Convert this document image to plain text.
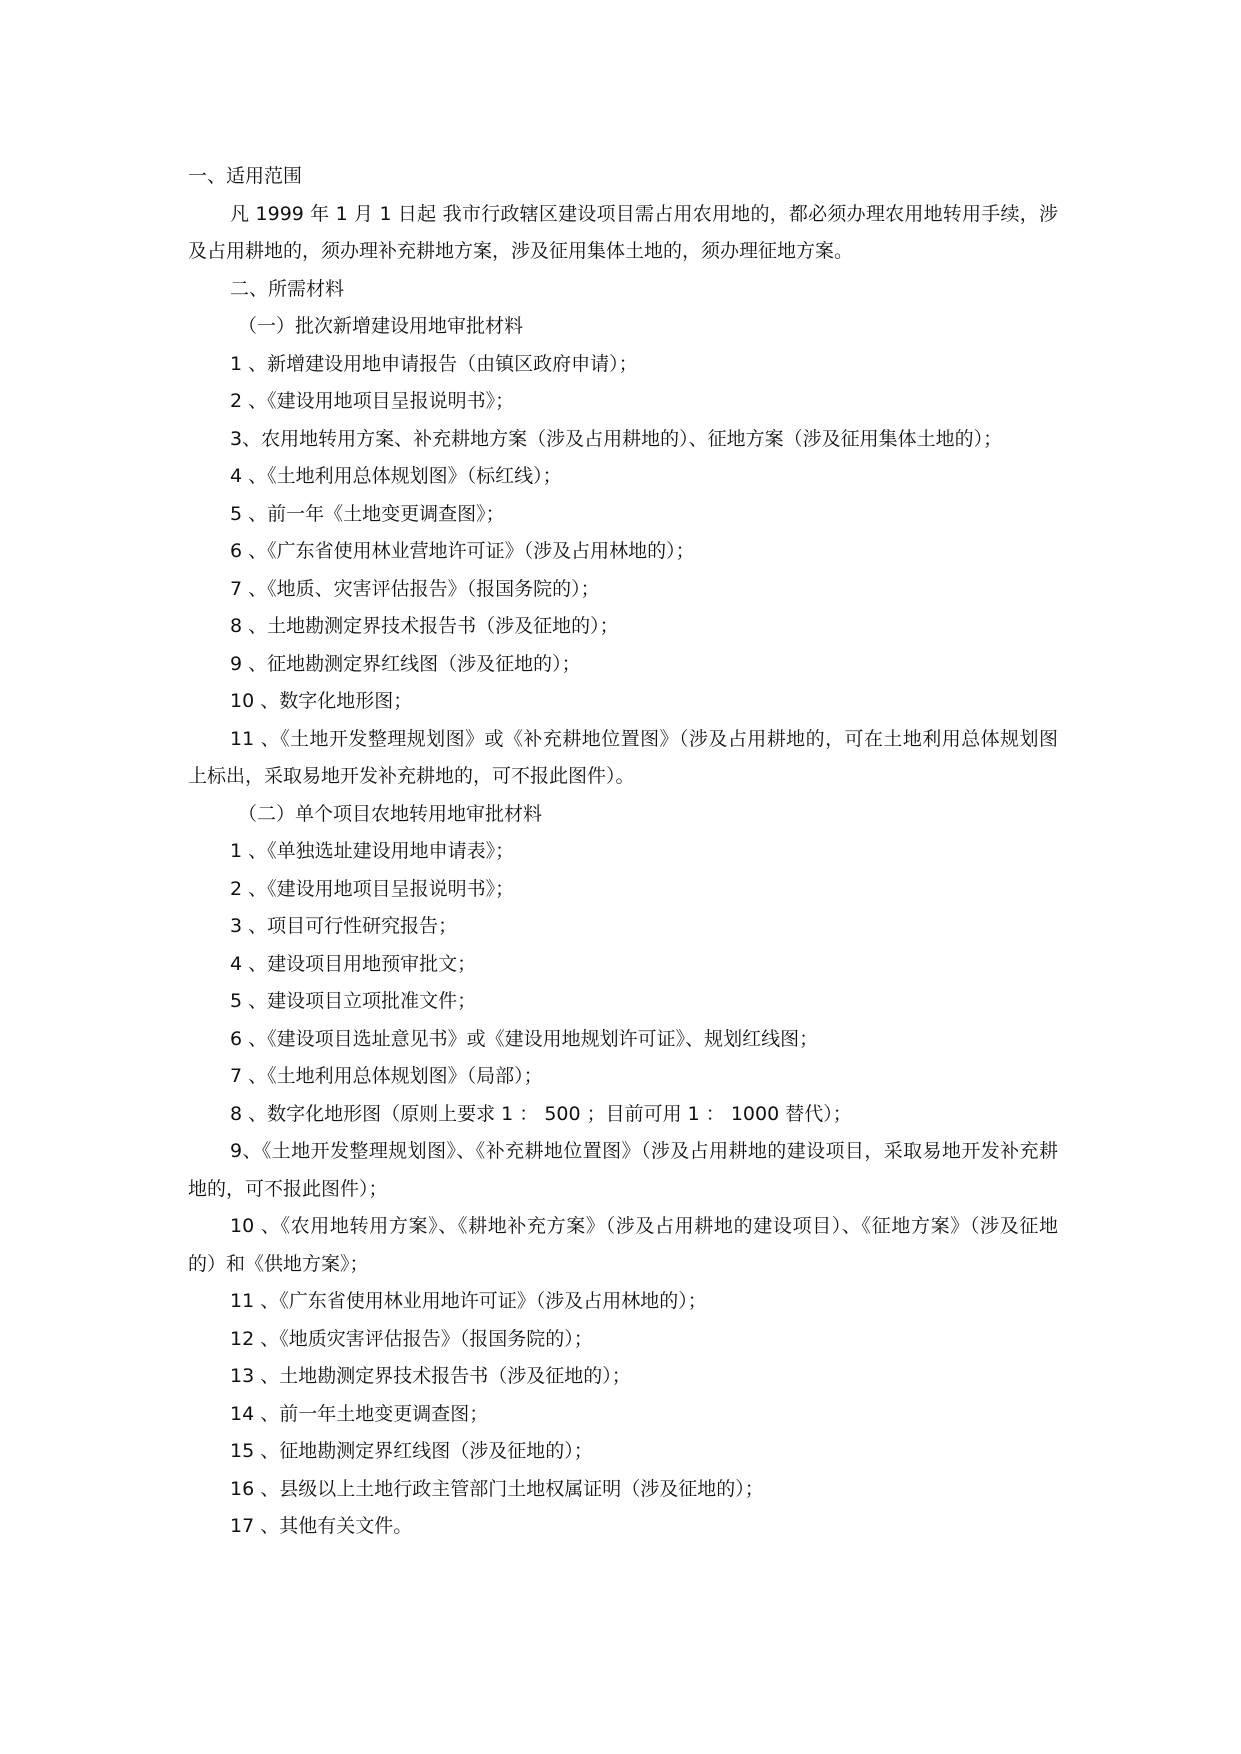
一、适用范围

凡 1999 年 1 月 1 日起 我市行政辖区建设项目需占用农用地的，都必须办理农用地转用手续，涉及占用耕地的，须办理补充耕地方案，涉及征用集体土地的，须办理征地方案。

二、所需材料

（一）批次新增建设用地审批材料

1 、新增建设用地申请报告（由镇区政府申请）；

2 、《建设用地项目呈报说明书》；

3、农用地转用方案、补充耕地方案（涉及占用耕地的）、征地方案（涉及征用集体土地的）；

4 、《土地利用总体规划图》（标红线）；

5 、前一年《土地变更调查图》；

6 、《广东省使用林业营地许可证》（涉及占用林地的）；

7 、《地质、灾害评估报告》（报国务院的）；

8 、土地勘测定界技术报告书（涉及征地的）；

9 、征地勘测定界红线图（涉及征地的）；

10 、数字化地形图；

11 、《土地开发整理规划图》或《补充耕地位置图》（涉及占用耕地的，可在土地利用总体规划图上标出，采取易地开发补充耕地的，可不报此图件）。

（二）单个项目农地转用地审批材料

1 、《单独选址建设用地申请表》；

2 、《建设用地项目呈报说明书》；

3 、项目可行性研究报告；

4 、建设项目用地预审批文；

5 、建设项目立项批准文件；

6 、《建设项目选址意见书》或《建设用地规划许可证》、规划红线图；

7 、《土地利用总体规划图》（局部）；

8 、数字化地形图（原则上要求 1 ： 500 ；目前可用 1 ： 1000 替代）；

9、《土地开发整理规划图》、《补充耕地位置图》（涉及占用耕地的建设项目，采取易地开发补充耕地的，可不报此图件）；

10 、《农用地转用方案》、《耕地补充方案》（涉及占用耕地的建设项目）、《征地方案》（涉及征地的）和《供地方案》；

11 、《广东省使用林业用地许可证》（涉及占用林地的）；

12 、《地质灾害评估报告》（报国务院的）；

13 、土地勘测定界技术报告书（涉及征地的）；

14 、前一年土地变更调查图；

15 、征地勘测定界红线图（涉及征地的）；

16 、县级以上土地行政主管部门土地权属证明（涉及征地的）；

17 、其他有关文件。
